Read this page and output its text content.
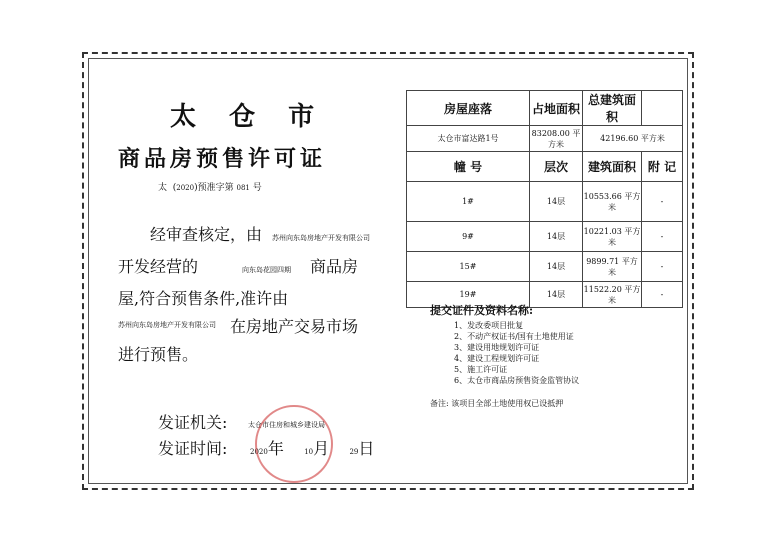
太 仓 市
商品房预售许可证
太  (2020)预准字第 081 号
经审查核定，由 苏州向东岛房地产开发有限公司
开发经营的	向东岛花园四期 商品房
屋,符合预售条件,准许由
苏州向东岛房地产开发有限公司 在房地产交易市场
进行预售。
发证机关:	太仓市住房和城乡建设局
发证时间:	2020年	10月	29日
房屋座落	占地面积	总建筑面积	
太仓市富达路1号	83208.00 平方米	42196.60 平方米	
幢 号	层次	建筑面积	附 记
1#	14层	10553.66 平方米	-
9#	14层	10221.03 平方米	-
15#	14层	9899.71 平方米	-
19#	14层	11522.20 平方米	-
提交证件及资料名称:
1、发改委项目批复
2、不动产权证书/国有土地使用证
3、建设用地规划许可证
4、建设工程规划许可证
5、施工许可证
6、太仓市商品房预售资金监管协议
备注: 该项目全部土地使用权已设抵押
